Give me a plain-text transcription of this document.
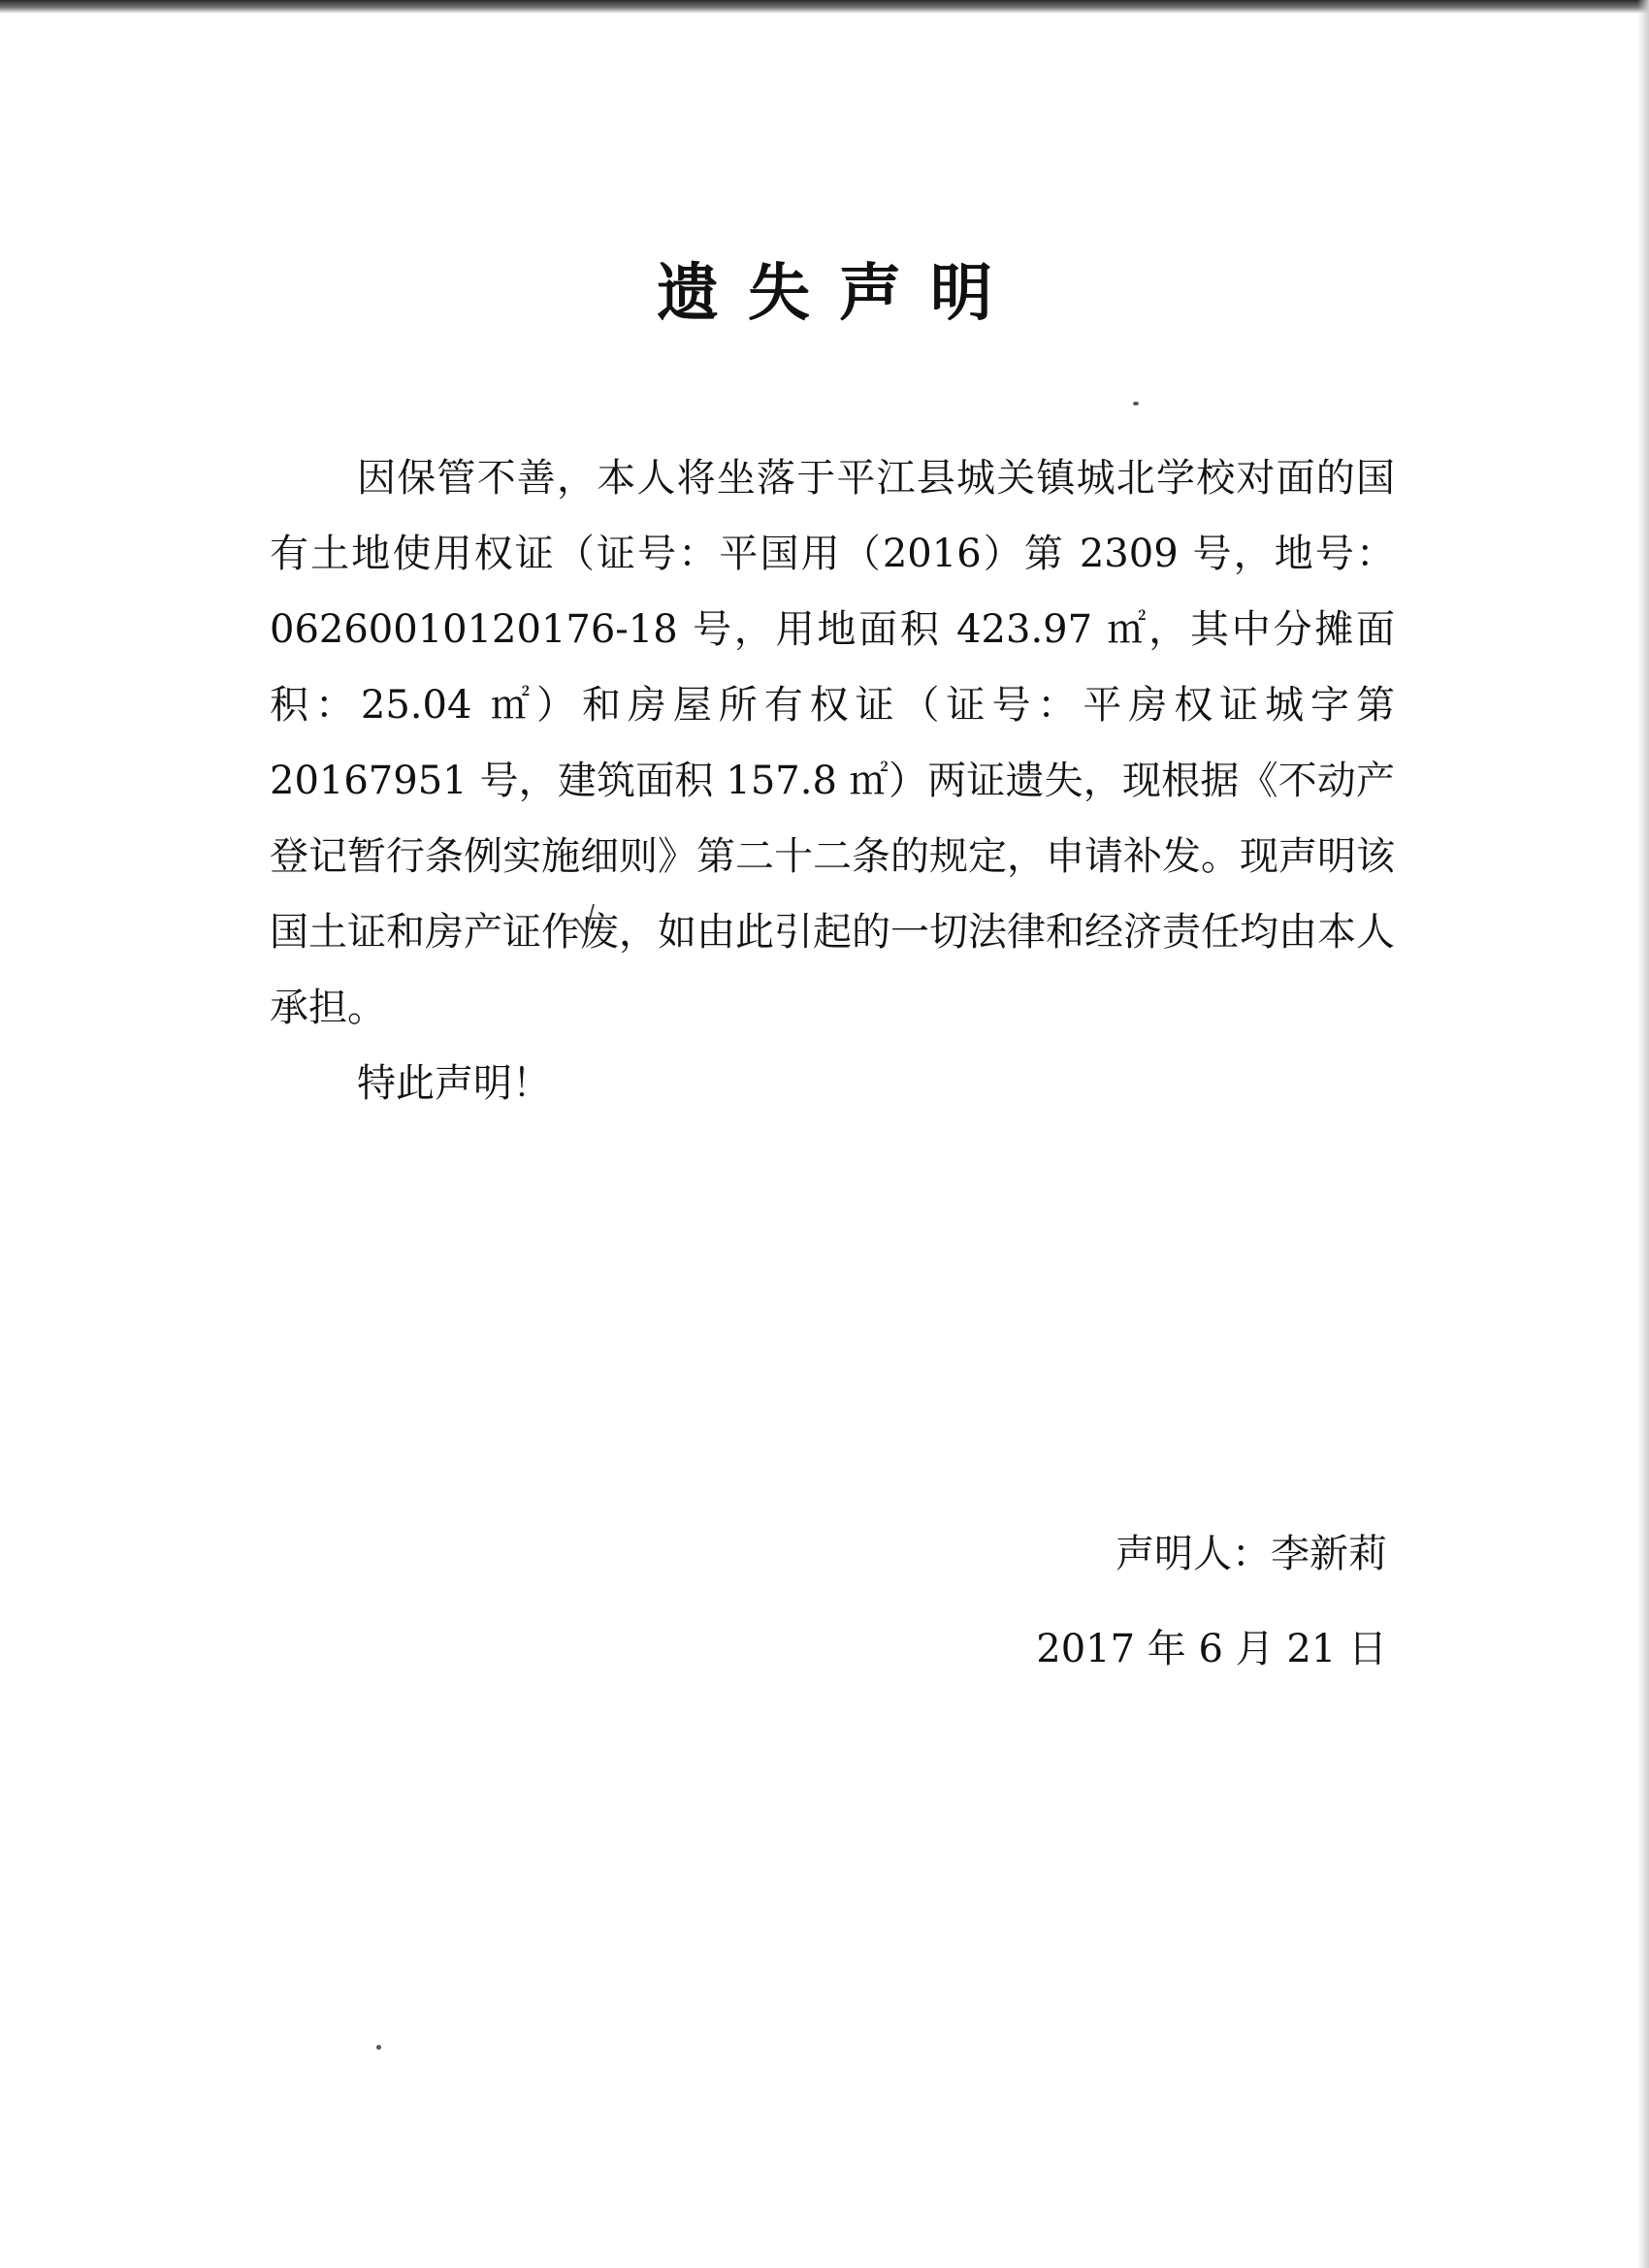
遗失声明

因保管不善，本人将坐落于平江县城关镇城北学校对面的国有土地使用权证（证号：平国用（2016）第 2309 号，地号：06260010120176-18 号，用地面积 423.97 ㎡，其中分摊面积：25.04 ㎡）和房屋所有权证（证号：平房权证城字第 20167951 号，建筑面积 157.8 ㎡）两证遗失，现根据《不动产登记暂行条例实施细则》第二十二条的规定，申请补发。现声明该国土证和房产证作废，如由此引起的一切法律和经济责任均由本人承担。

特此声明！

声明人：李新莉
2017 年 6 月 21 日
